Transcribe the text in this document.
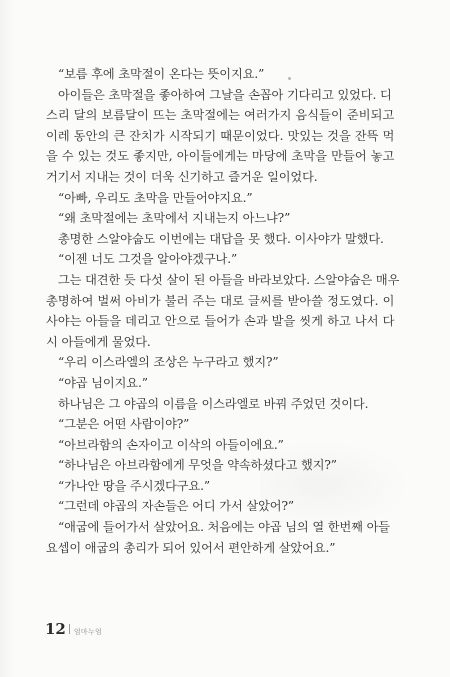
“보름 후에 초막절이 온다는 뜻이지요.”
아이들은 초막절을 좋아하여 그날을 손꼽아 기다리고 있었다. 디
스리 달의 보름달이 뜨는 초막절에는 여러가지 음식들이 준비되고
이레 동안의 큰 잔치가 시작되기 때문이었다. 맛있는 것을 잔뜩 먹
을 수 있는 것도 좋지만, 아이들에게는 마당에 초막을 만들어 놓고
거기서 지내는 것이 더욱 신기하고 즐거운 일이었다.
“아빠, 우리도 초막을 만들어야지요.”
“왜 초막절에는 초막에서 지내는지 아느냐?”
총명한 스알야숩도 이번에는 대답을 못 했다. 이사야가 말했다.
“이젠 너도 그것을 알아야겠구나.”
그는 대견한 듯 다섯 살이 된 아들을 바라보았다. 스알야숩은 매우
총명하여 벌써 아비가 불러 주는 대로 글씨를 받아쓸 정도였다. 이
사야는 아들을 데리고 안으로 들어가 손과 발을 씻게 하고 나서 다
시 아들에게 물었다.
“우리 이스라엘의 조상은 누구라고 했지?”
“야곱 님이지요.”
하나님은 그 야곱의 이름을 이스라엘로 바꿔 주었던 것이다.
“그분은 어떤 사람이야?”
“아브라함의 손자이고 이삭의 아들이에요.”
“하나님은 아브라함에게 무엇을 약속하셨다고 했지?”
“가나안 땅을 주시겠다구요.”
“그런데 야곱의 자손들은 어디 가서 살았어?”
“애굽에 들어가서 살았어요. 처음에는 야곱 님의 열 한번째 아들
요셉이 애굽의 총리가 되어 있어서 편안하게 살았어요.”
12 엄마누엄
